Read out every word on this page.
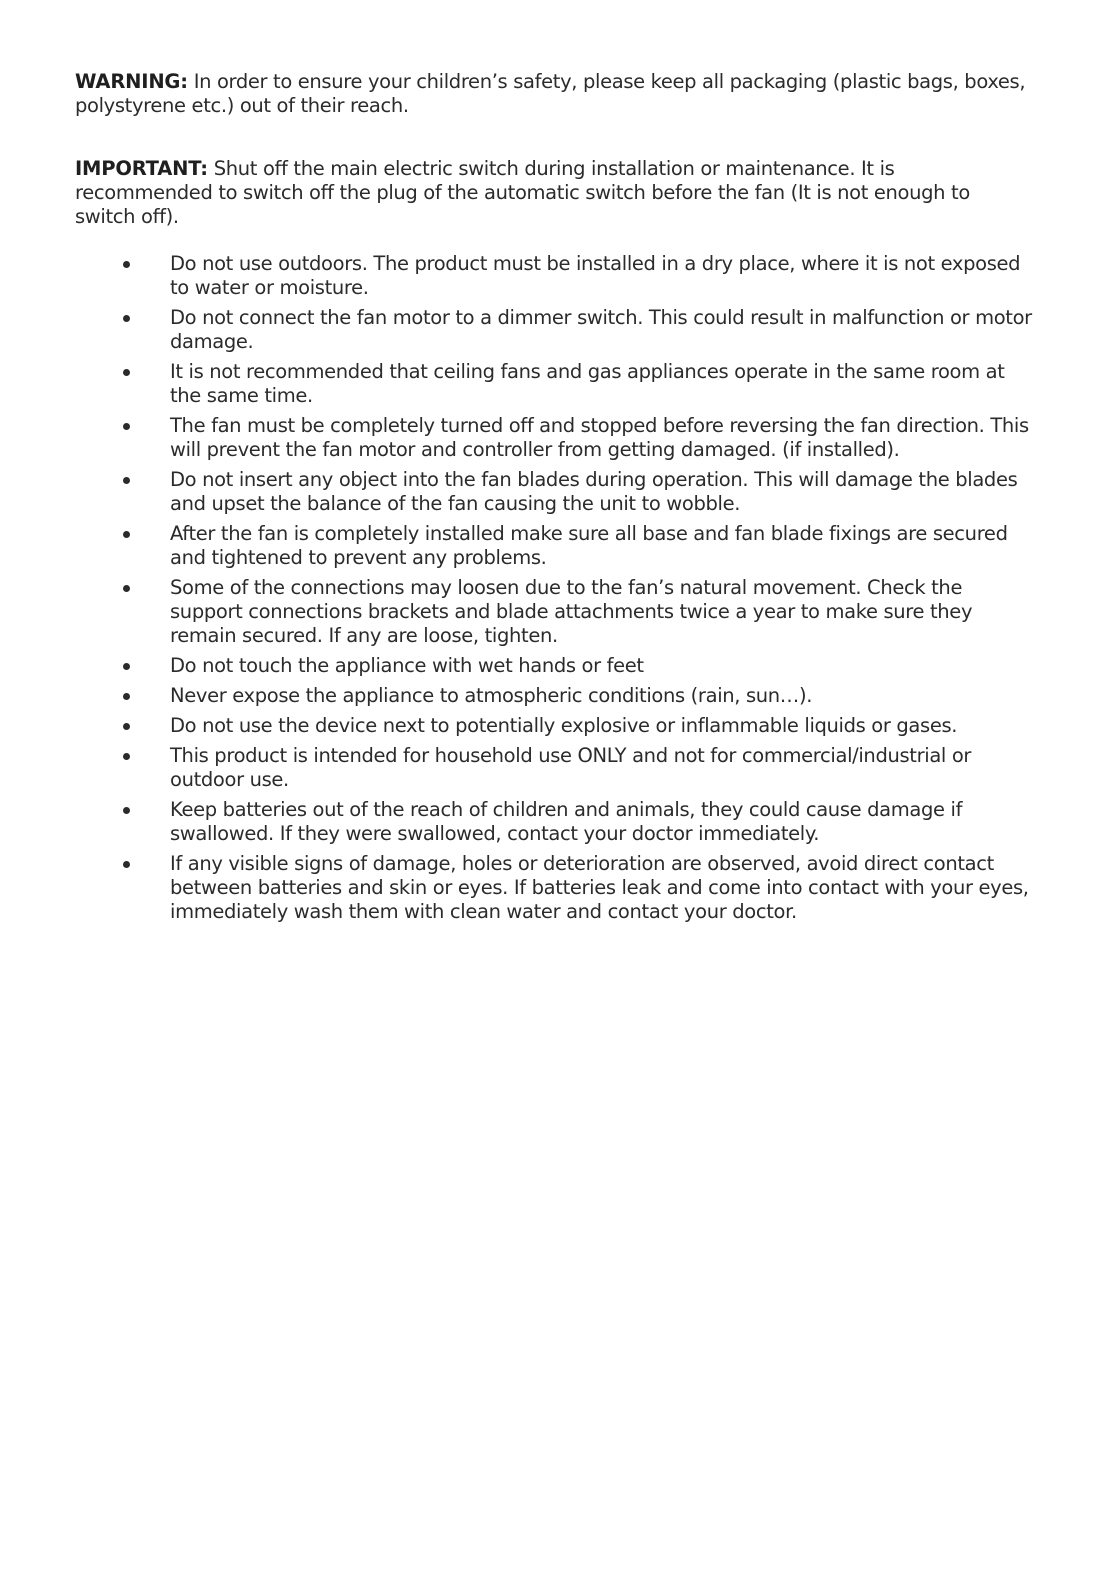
WARNING: In order to ensure your children’s safety, please keep all packaging (plastic bags, boxes, polystyrene etc.) out of their reach.

IMPORTANT: Shut off the main electric switch during installation or maintenance. It is recommended to switch off the plug of the automatic switch before the fan (It is not enough to switch off).

Do not use outdoors. The product must be installed in a dry place, where it is not exposed to water or moisture.
Do not connect the fan motor to a dimmer switch. This could result in malfunction or motor damage.
It is not recommended that ceiling fans and gas appliances operate in the same room at the same time.
The fan must be completely turned off and stopped before reversing the fan direction. This will prevent the fan motor and controller from getting damaged. (if installed).
Do not insert any object into the fan blades during operation. This will damage the blades and upset the balance of the fan causing the unit to wobble.
After the fan is completely installed make sure all base and fan blade fixings are secured and tightened to prevent any problems.
Some of the connections may loosen due to the fan’s natural movement. Check the support connections brackets and blade attachments twice a year to make sure they remain secured. If any are loose, tighten.
Do not touch the appliance with wet hands or feet
Never expose the appliance to atmospheric conditions (rain, sun…).
Do not use the device next to potentially explosive or inflammable liquids or gases.
This product is intended for household use ONLY and not for commercial/industrial or outdoor use.
Keep batteries out of the reach of children and animals, they could cause damage if swallowed. If they were swallowed, contact your doctor immediately.
If any visible signs of damage, holes or deterioration are observed, avoid direct contact between batteries and skin or eyes. If batteries leak and come into contact with your eyes, immediately wash them with clean water and contact your doctor.
